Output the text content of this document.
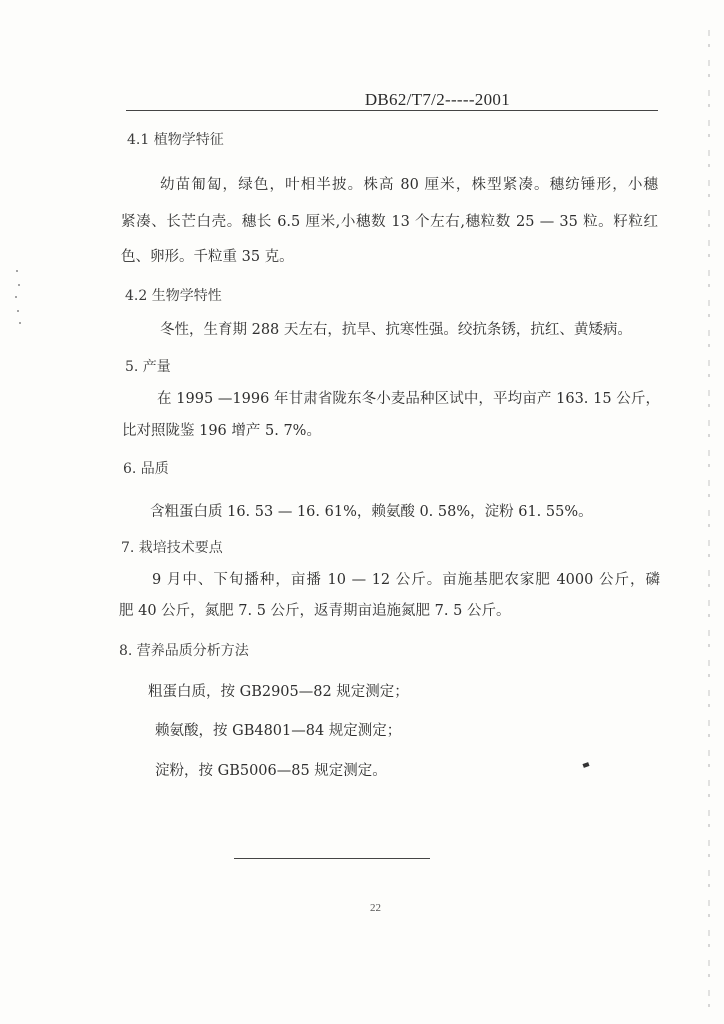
DB62/T7/2-----2001
4.1 植物学特征
幼苗匍匐，绿色，叶相半披。株高 80 厘米，株型紧凑。穗纺锤形，小穗
紧凑、长芒白壳。穗长 6.5 厘米,小穗数 13 个左右,穗粒数 25 — 35 粒。籽粒红
色、卵形。千粒重 35 克。
4.2 生物学特性
冬性，生育期 288 天左右，抗旱、抗寒性强。绞抗条锈，抗红、黄矮病。
5. 产量
在 1995 —1996 年甘肃省陇东冬小麦品种区试中，平均亩产 163. 15 公斤，
比对照陇鉴 196 增产 5. 7%。
6. 品质
含粗蛋白质 16. 53 — 16. 61%，赖氨酸 0. 58%，淀粉 61. 55%。
7. 栽培技术要点
9 月中、下旬播种，亩播 10 — 12 公斤。亩施基肥农家肥 4000 公斤，磷
肥 40 公斤，氮肥 7. 5 公斤，返青期亩追施氮肥 7. 5 公斤。
8. 营养品质分析方法
粗蛋白质，按 GB2905—82 规定测定；
赖氨酸，按 GB4801—84 规定测定；
淀粉，按 GB5006—85 规定测定。
22
